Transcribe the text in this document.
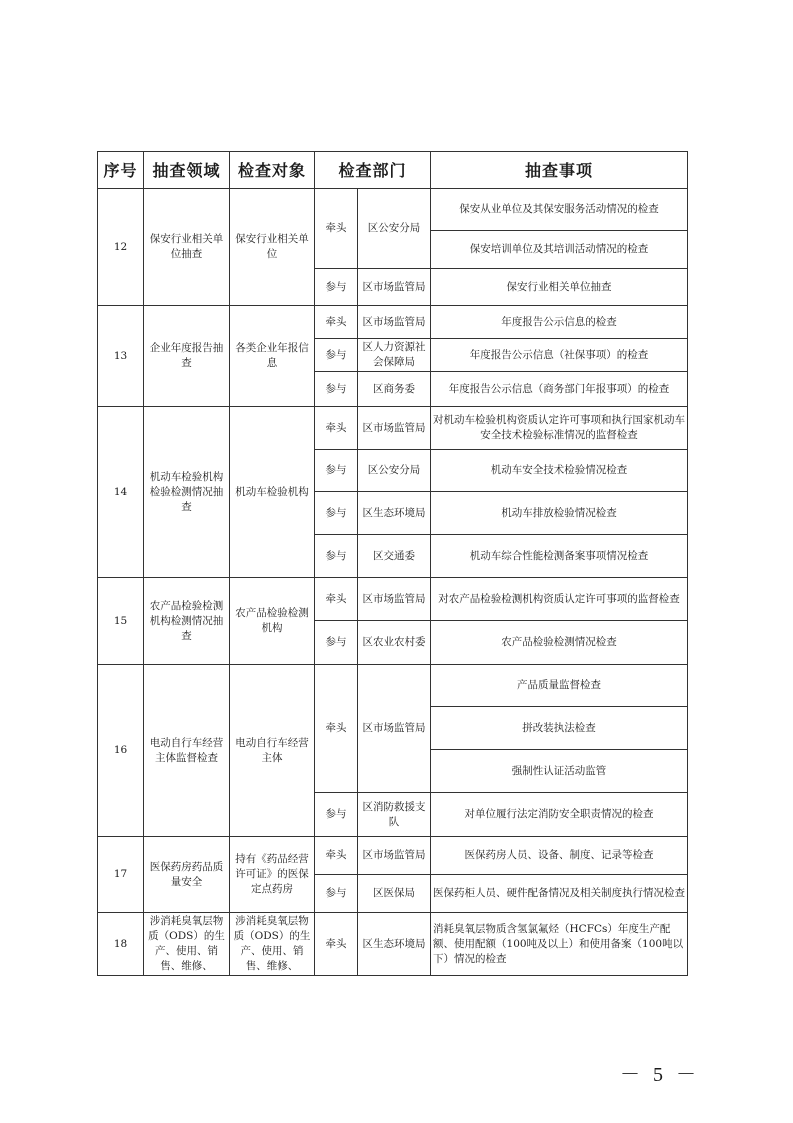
序号	抽查领域	检查对象	检查部门		抽查事项
12	保安行业相关单位抽查	保安行业相关单位	牵头	区公安分局	保安从业单位及其保安服务活动情况的检查
					保安培训单位及其培训活动情况的检查
			参与	区市场监管局	保安行业相关单位抽查
13	企业年度报告抽查	各类企业年报信息	牵头	区市场监管局	年度报告公示信息的检查
			参与	区人力资源社会保障局	年度报告公示信息（社保事项）的检查
			参与	区商务委	年度报告公示信息（商务部门年报事项）的检查
14	机动车检验机构检验检测情况抽查	机动车检验机构	牵头	区市场监管局	对机动车检验机构资质认定许可事项和执行国家机动车安全技术检验标准情况的监督检查
			参与	区公安分局	机动车安全技术检验情况检查
			参与	区生态环境局	机动车排放检验情况检查
			参与	区交通委	机动车综合性能检测备案事项情况检查
15	农产品检验检测机构检测情况抽查	农产品检验检测机构	牵头	区市场监管局	对农产品检验检测机构资质认定许可事项的监督检查
			参与	区农业农村委	农产品检验检测情况检查
16	电动自行车经营主体监督检查	电动自行车经营主体	牵头	区市场监管局	产品质量监督检查
					拼改装执法检查
					强制性认证活动监管
			参与	区消防救援支队	对单位履行法定消防安全职责情况的检查
17	医保药房药品质量安全	持有《药品经营许可证》的医保定点药房	牵头	区市场监管局	医保药房人员、设备、制度、记录等检查
			参与	区医保局	医保药柜人员、硬件配备情况及相关制度执行情况检查
18	涉消耗臭氧层物质（ODS）的生产、使用、销售、维修、	涉消耗臭氧层物质（ODS）的生产、使用、销售、维修、	牵头	区生态环境局	消耗臭氧层物质含氢氯氟烃（HCFCs）年度生产配额、使用配额（100吨及以上）和使用备案（100吨以下）情况的检查
－ 5 －
